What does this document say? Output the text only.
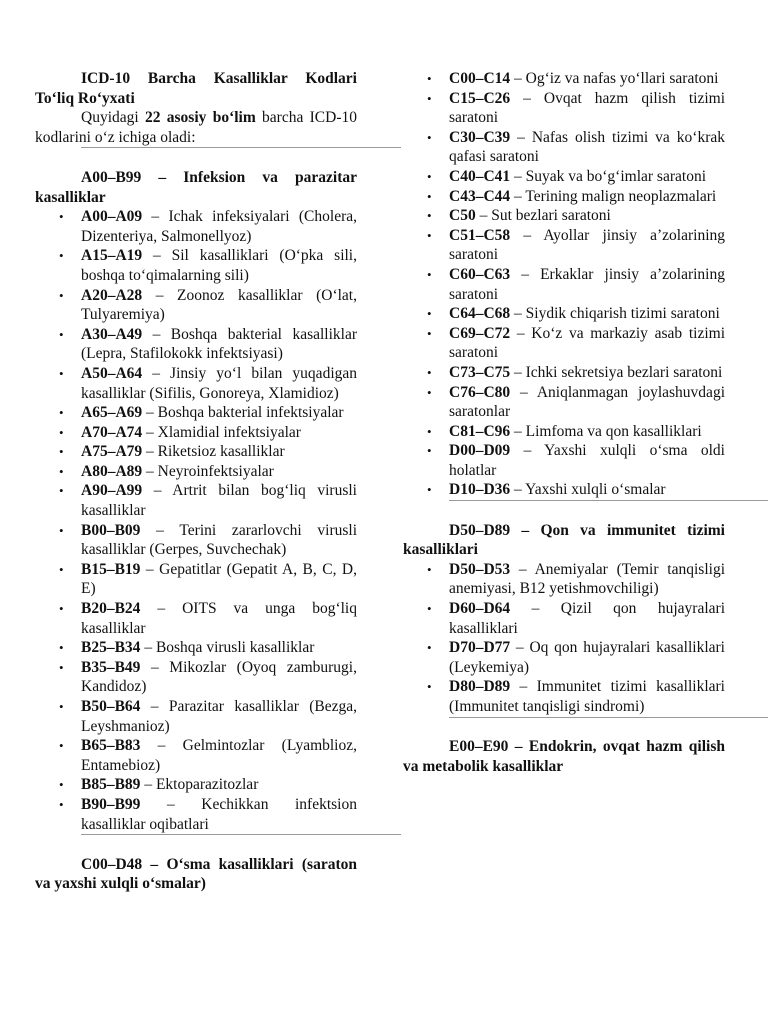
ICD-10 Barcha Kasalliklar Kodlari To‘liq Ro‘yxati

Quyidagi 22 asosiy bo‘lim barcha ICD-10 kodlarini o‘z ichiga oladi:

A00–B99 – Infeksion va parazitar kasalliklar

•	A00–A09 – Ichak infeksiyalari (Cholera, Dizenteriya, Salmonellyoz)
•	A15–A19 – Sil kasalliklari (O‘pka sili, boshqa to‘qimalarning sili)
•	A20–A28 – Zoonoz kasalliklar (O‘lat, Tulyaremiya)
•	A30–A49 – Boshqa bakterial kasalliklar (Lepra, Stafilokokk infektsiyasi)
•	A50–A64 – Jinsiy yo‘l bilan yuqadigan kasalliklar (Sifilis, Gonoreya, Xlamidioz)
•	A65–A69 – Boshqa bakterial infektsiyalar
•	A70–A74 – Xlamidial infektsiyalar
•	A75–A79 – Riketsioz kasalliklar
•	A80–A89 – Neyroinfektsiyalar
•	A90–A99 – Artrit bilan bog‘liq virusli kasalliklar
•	B00–B09 – Terini zararlovchi virusli kasalliklar (Gerpes, Suvchechak)
•	B15–B19 – Gepatitlar (Gepatit A, B, C, D, E)
•	B20–B24 – OITS va unga bog‘liq kasalliklar
•	B25–B34 – Boshqa virusli kasalliklar
•	B35–B49 – Mikozlar (Oyoq zamburugi, Kandidoz)
•	B50–B64 – Parazitar kasalliklar (Bezga, Leyshmanioz)
•	B65–B83 – Gelmintozlar (Lyamblioz, Entamebioz)
•	B85–B89 – Ektoparazitozlar
•	B90–B99 – Kechikkan infektsion kasalliklar oqibatlari

C00–D48 – O‘sma kasalliklari (saraton va yaxshi xulqli o‘smalar)

•	C00–C14 – Og‘iz va nafas yo‘llari saratoni
•	C15–C26 – Ovqat hazm qilish tizimi saratoni
•	C30–C39 – Nafas olish tizimi va ko‘krak qafasi saratoni
•	C40–C41 – Suyak va bo‘g‘imlar saratoni
•	C43–C44 – Terining malign neoplazmalari
•	C50 – Sut bezlari saratoni
•	C51–C58 – Ayollar jinsiy a’zolarining saratoni
•	C60–C63 – Erkaklar jinsiy a’zolarining saratoni
•	C64–C68 – Siydik chiqarish tizimi saratoni
•	C69–C72 – Ko‘z va markaziy asab tizimi saratoni
•	C73–C75 – Ichki sekretsiya bezlari saratoni
•	C76–C80 – Aniqlanmagan joylashuvdagi saratonlar
•	C81–C96 – Limfoma va qon kasalliklari
•	D00–D09 – Yaxshi xulqli o‘sma oldi holatlar
•	D10–D36 – Yaxshi xulqli o‘smalar

D50–D89 – Qon va immunitet tizimi kasalliklari

•	D50–D53 – Anemiyalar (Temir tanqisligi anemiyasi, B12 yetishmovchiligi)
•	D60–D64 – Qizil qon hujayralari kasalliklari
•	D70–D77 – Oq qon hujayralari kasalliklari (Leykemiya)
•	D80–D89 – Immunitet tizimi kasalliklari (Immunitet tanqisligi sindromi)

E00–E90 – Endokrin, ovqat hazm qilish va metabolik kasalliklar
